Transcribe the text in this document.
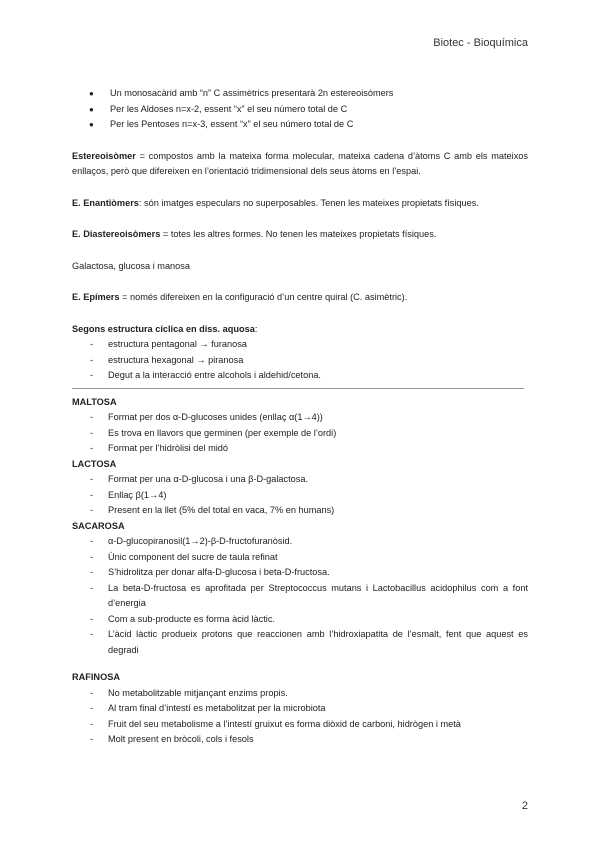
Biotec - Bioquímica
● Un monosacàrid amb “n” C assimètrics presentarà 2n estereoisòmers
● Per les Aldoses n=x-2, essent “x” el seu número total de C
● Per les Pentoses n=x-3, essent “x” el seu número total de C

Estereoisòmer = compostos amb la mateixa forma molecular, mateixa cadena d’àtoms C amb els mateixos enllaços, però que difereixen en l’orientació tridimensional dels seus àtoms en l’espai.

E. Enantiòmers: són imatges especulars no superposables. Tenen les mateixes propietats físiques.

E. Diastereoisòmers = totes les altres formes. No tenen les mateixes propietats físiques.

Galactosa, glucosa i manosa

E. Epímers = només difereixen en la configuració d’un centre quiral (C. asimètric).

Segons estructura cíclica en diss. aquosa:

- estructura pentagonal → furanosa
- estructura hexagonal → piranosa
- Degut a la interacció entre alcohols i aldehid/cetona.

MALTOSA

- Format per dos α-D-glucoses unides (enllaç α(1→4))
- Es trova en llavors que germinen (per exemple de l’ordi)
- Format per l’hidròlisi del midó

LACTOSA

- Format per una α-D-glucosa i una β-D-galactosa.
- Enllaç β(1→4)
- Present en la llet (5% del total en vaca, 7% en humans)

SACAROSA

- α-D-glucopiranosil(1→2)-β-D-fructofuranòsid.
- Únic component del sucre de taula refinat
- S’hidrolitza per donar alfa-D-glucosa i beta-D-fructosa.
- La beta-D-fructosa es aprofitada per Streptococcus mutans i Lactobacillus acidophilus com a font d’energia
- Com a sub-producte es forma àcid làctic.
- L’àcid làctic produeix protons que reaccionen amb l’hidroxiapatita de l’esmalt, fent que aquest es degradi

RAFINOSA

- No metabolitzable mitjançant enzims propis.
- Al tram final d’intestí es metabolitzat per la microbiota
- Fruit del seu metabolisme a l’intestí gruixut es forma diòxid de carboni, hidrògen i metà
- Molt present en bròcoli, cols i fesols
2
